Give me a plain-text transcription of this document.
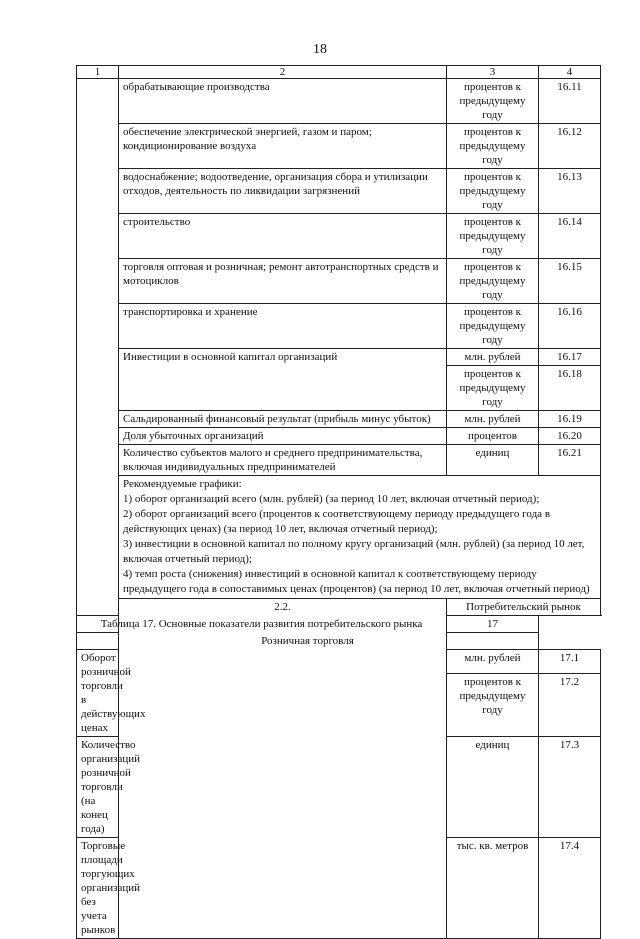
18
1	2	3	4
	обрабатывающие производства	процентов к предыдущему году	16.11
	обеспечение электрической энергией, газом и паром; кондиционирование воздуха	процентов к предыдущему году	16.12
	водоснабжение; водоотведение, организация сбора и утилизации отходов, деятельность по ликвидации загрязнений	процентов к предыдущему году	16.13
	строительство	процентов к предыдущему году	16.14
	торговля оптовая и розничная; ремонт автотранспортных средств и мотоциклов	процентов к предыдущему году	16.15
	транспортировка и хранение	процентов к предыдущему году	16.16
	Инвестиции в основной капитал организаций	млн. рублей	16.17
		процентов к предыдущему году	16.18
	Сальдированный финансовый результат (прибыль минус убыток)	млн. рублей	16.19
	Доля убыточных организаций	процентов	16.20
	Количество субъектов малого и среднего предпринимательства, включая индивидуальных предпринимателей	единиц	16.21

	Рекомендуемые графики:
1) оборот организаций всего (млн. рублей) (за период 10 лет, включая отчетный период);
2) оборот организаций всего (процентов к соответствующему периоду предыдущего года в действующих ценах) (за период 10 лет, включая отчетный период);
3) инвестиции в основной капитал по полному кругу организаций (млн. рублей) (за период 10 лет, включая отчетный период);
4) темп роста (снижения) инвестиций в основной капитал к соответствующему периоду предыдущего года в сопоставимых ценах (процентов) (за период 10 лет, включая отчетный период)		

	2.2.	Потребительский рынок	
Таблица 17. Основные показатели развития потребительского рынка		17	
Розничная торговля			
Оборот розничной торговли в действующих ценах		млн. рублей	17.1
		процентов к предыдущему году	17.2
Количество организаций розничной торговли (на конец года)		единиц	17.3
Торговые площади торгующих организаций без учета рынков		тыс. кв. метров	17.4
